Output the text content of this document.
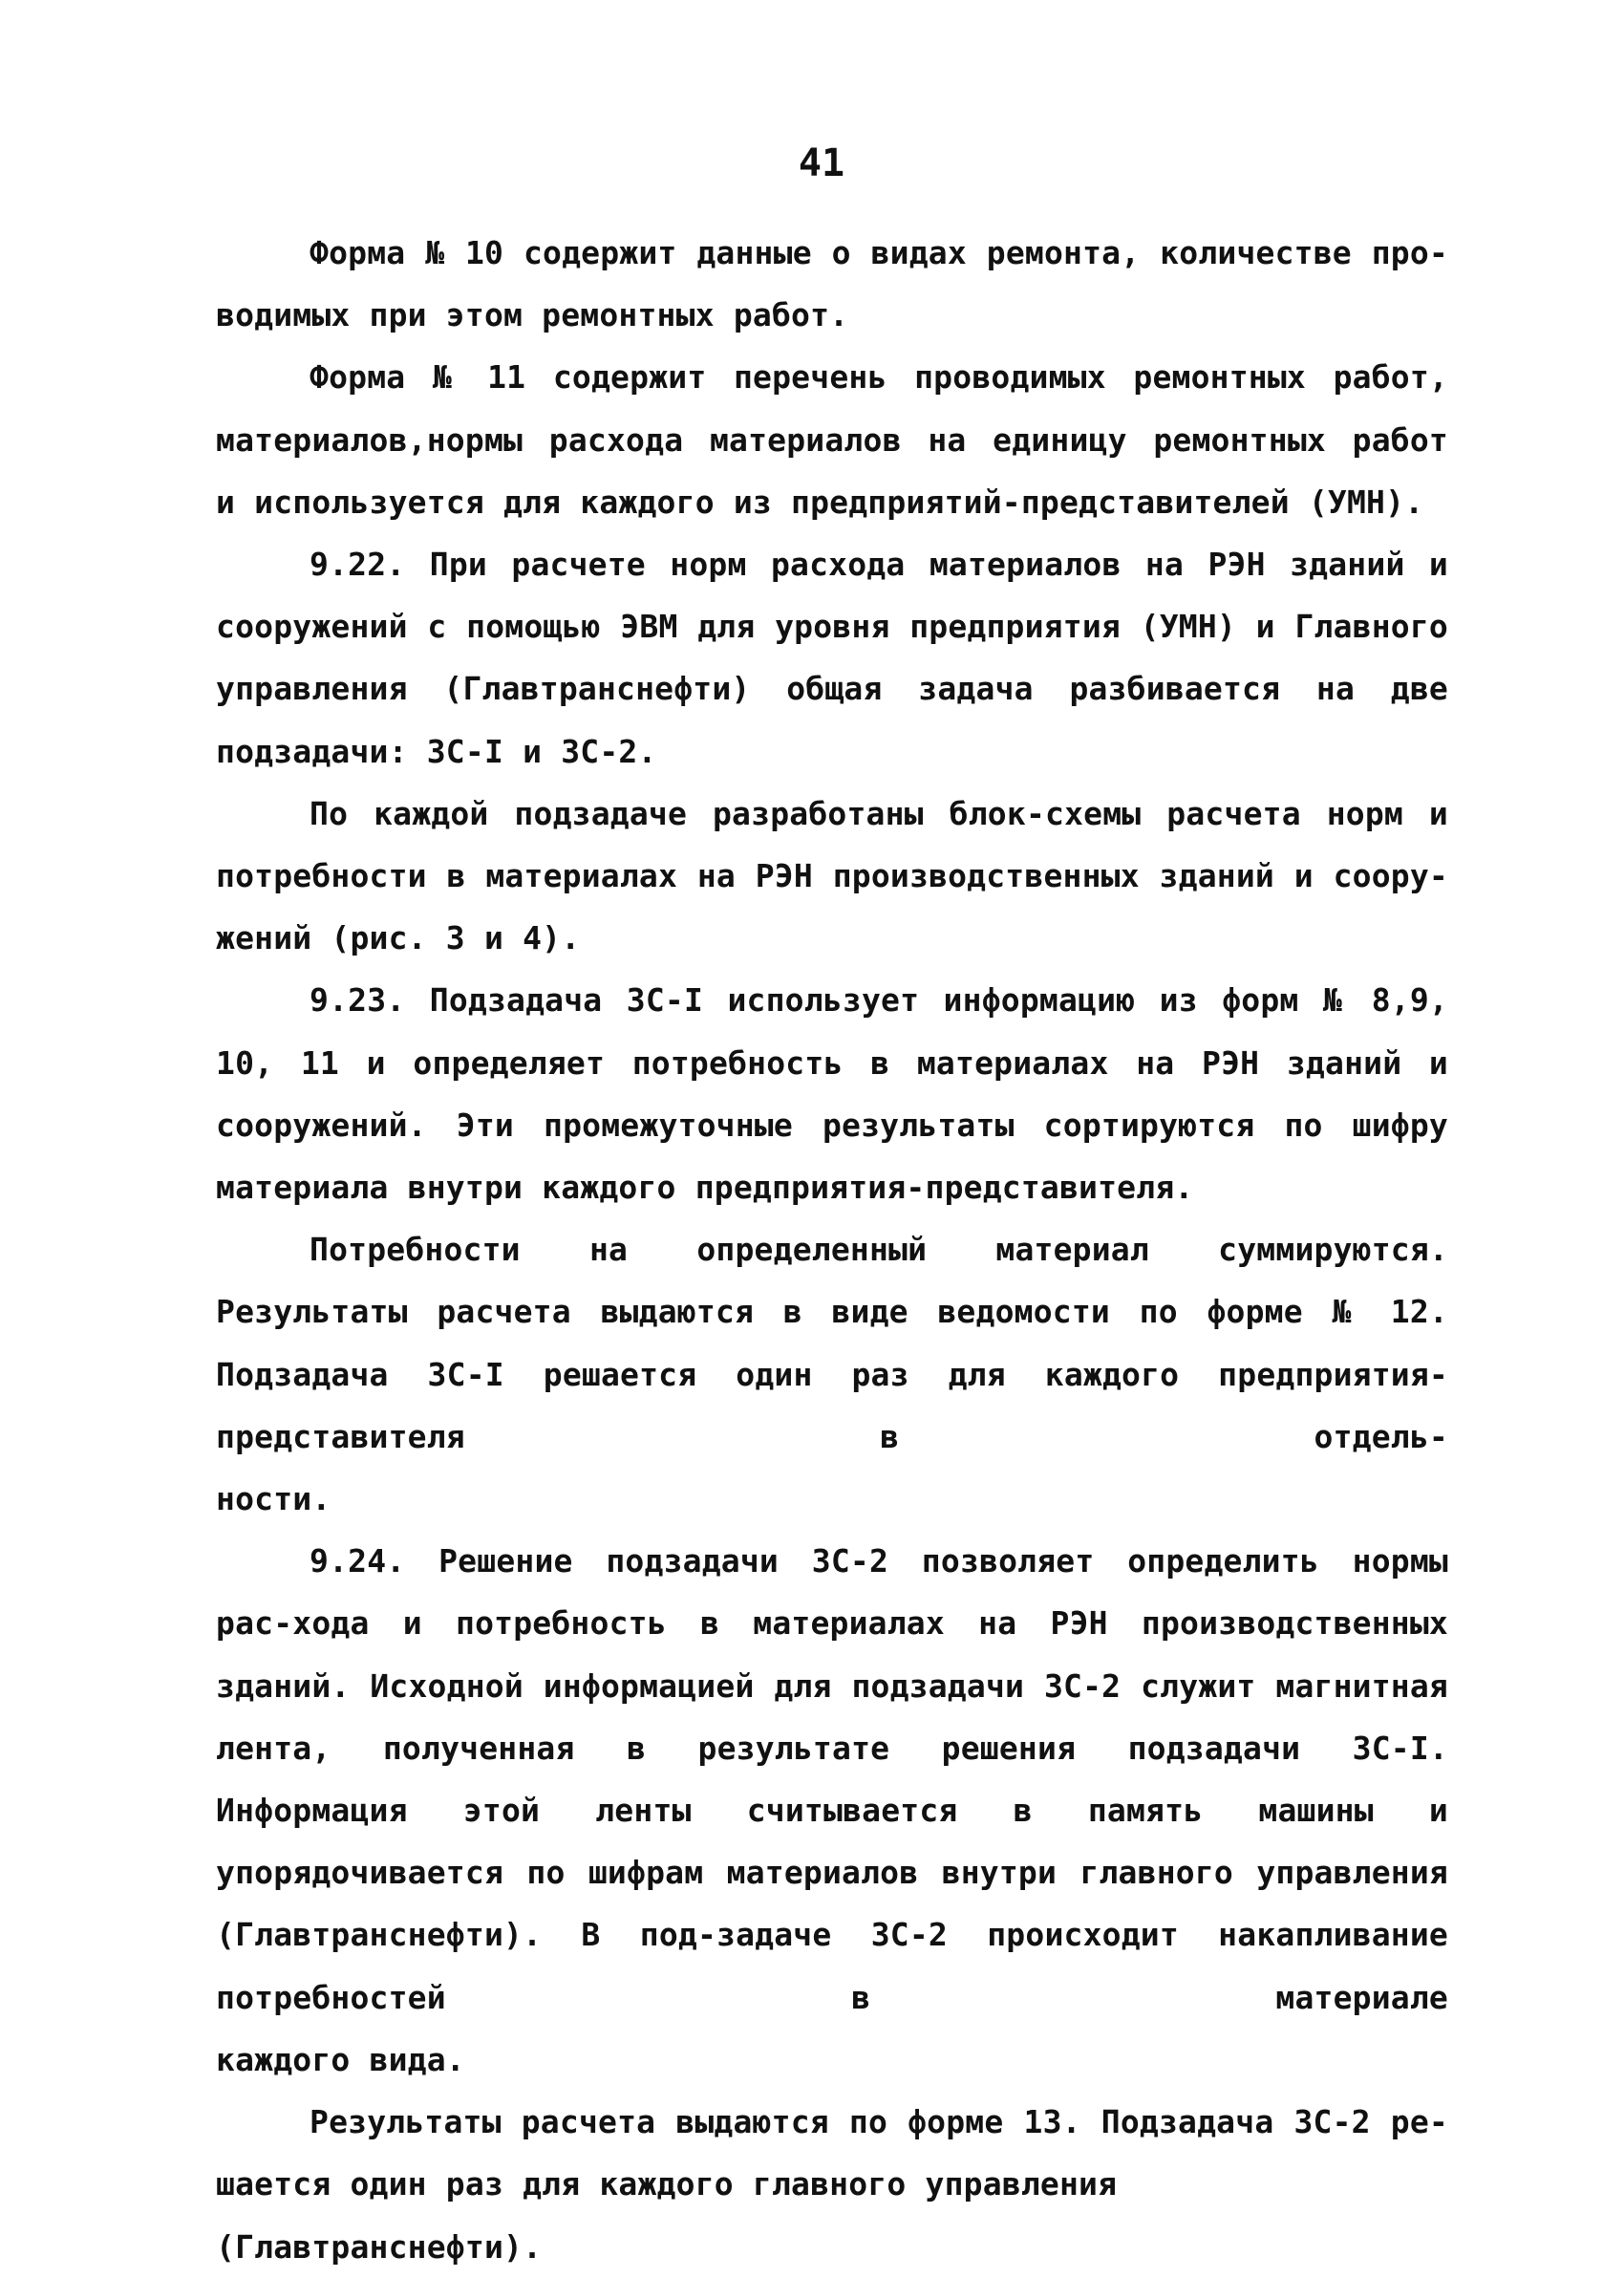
41

Форма № 10 содержит данные о видах ремонта, количестве про-
водимых при этом ремонтных работ.

Форма № 11 содержит перечень проводимых ремонтных работ, материалов,нормы расхода материалов на единицу ремонтных работ
и используется для каждого из предприятий-представителей (УМН).

9.22. При расчете норм расхода материалов на РЭН зданий и сооружений с помощью ЭВМ для уровня предприятия (УМН) и Главного управления (Главтранснефти) общая задача разбивается на две
подзадачи: ЗС-I и ЗС-2.

По каждой подзадаче разработаны блок-схемы расчета норм и потребности в материалах на РЭН производственных зданий и соору-
жений (рис. 3 и 4).

9.23. Подзадача ЗС-I использует информацию из форм № 8,9, 10, 11 и определяет потребность в материалах на РЭН зданий и сооружений. Эти промежуточные результаты сортируются по шифру
материала внутри каждого предприятия-представителя.

Потребности на определенный материал суммируются. Результаты расчета выдаются в виде ведомости по форме № 12. Подзадача ЗС-I решается один раз для каждого предприятия-представителя в отдель-
ности.

9.24. Решение подзадачи ЗС-2 позволяет определить нормы рас-хода и потребность в материалах на РЭН производственных зданий. Исходной информацией для подзадачи ЗС-2 служит магнитная лента, полученная в результате решения подзадачи ЗС-I. Информация этой ленты считывается в память машины и упорядочивается по шифрам материалов внутри главного управления (Главтранснефти). В под-задаче ЗС-2 происходит накапливание потребностей в материале
каждого вида.

Результаты расчета выдаются по форме 13. Подзадача ЗС-2 ре-
шается один раз для каждого главного управления (Главтранснефти).
